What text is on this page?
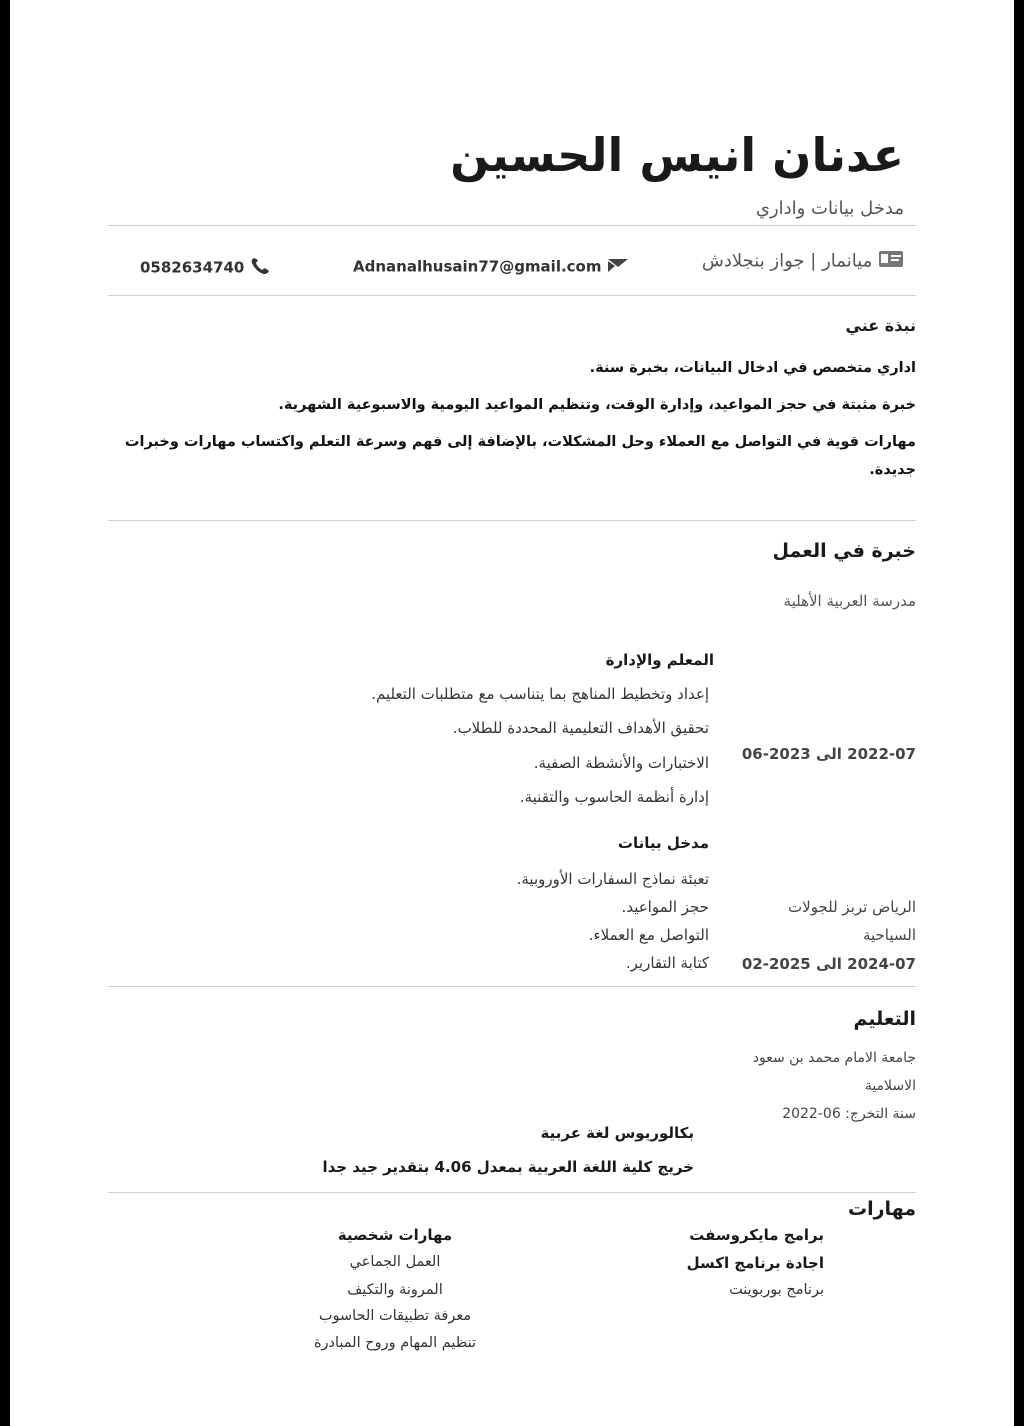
عدنان انيس الحسين
مدخل بيانات واداري
ميانمار | جواز بنجلادش
Adnanalhusain77@gmail.com
0582634740
نبذة عني
اداري متخصص في ادخال البيانات، بخبرة سنة.
خبرة مثبتة في حجز المواعيد، وإدارة الوقت، وتنظيم المواعيد اليومية والاسبوعية الشهرية.
مهارات قوية في التواصل مع العملاء وحل المشكلات، بالإضافة إلى فهم وسرعة التعلم واكتساب مهارات وخبرات
جديدة.
خبرة في العمل
مدرسة العربية الأهلية
المعلم والإدارة
إعداد وتخطيط المناهج بما يتناسب مع متطلبات التعليم.
تحقيق الأهداف التعليمية المحددة للطلاب.
الاختبارات والأنشطة الصفية.
إدارة أنظمة الحاسوب والتقنية.
2022-07 الى 2023-06
مدخل بيانات
تعبئة نماذج السفارات الأوروبية.
حجز المواعيد.
التواصل مع العملاء.
كتابة التقارير.
الرياض تربز للجولات
السياحية
2024-07 الى 2025-02
التعليم
جامعة الامام محمد بن سعود
الاسلامية
سنة التخرج: 06-2022
بكالوريوس لغة عربية
خريج كلية اللغة العربية بمعدل 4.06 بتقدير جيد جدا
مهارات
برامج مايكروسفت
اجادة برنامج اكسل
برنامج بوربوينت
مهارات شخصية
العمل الجماعي
المرونة والتكيف
معرفة تطبيقات الحاسوب
تنظيم المهام وروح المبادرة
